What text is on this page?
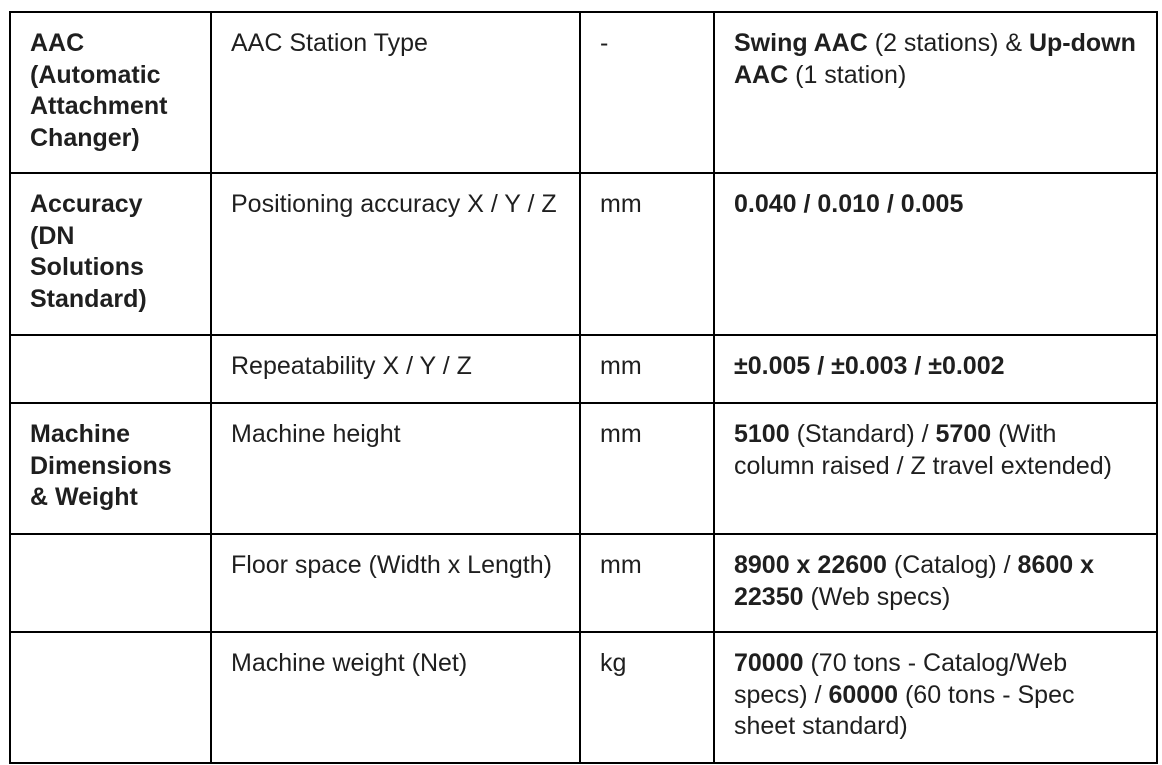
AAC (Automatic Attachment Changer)	AAC Station Type	-	Swing AAC (2 stations) & Up-down AAC (1 station)
Accuracy (DN Solutions Standard)	Positioning accuracy X / Y / Z	mm	0.040 / 0.010 / 0.005
	Repeatability X / Y / Z	mm	±0.005 / ±0.003 / ±0.002
Machine Dimensions & Weight	Machine height	mm	5100 (Standard) / 5700 (With column raised / Z travel extended)
	Floor space (Width x Length)	mm	8900 x 22600 (Catalog) / 8600 x 22350 (Web specs)
	Machine weight (Net)	kg	70000 (70 tons - Catalog/Web specs) / 60000 (60 tons - Spec sheet standard)
